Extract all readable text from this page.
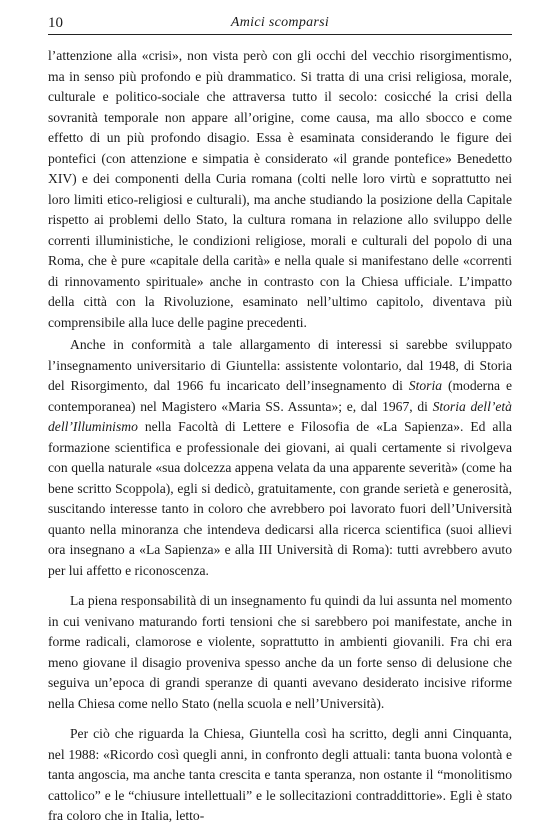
10	Amici scomparsi

l’attenzione alla «crisi», non vista però con gli occhi del vecchio risorgimentismo, ma in senso più profondo e più drammatico. Si tratta di una crisi religiosa, morale, culturale e politico-sociale che attraversa tutto il secolo: cosicché la crisi della sovranità temporale non appare all’origine, come causa, ma allo sbocco e come effetto di un più profondo disagio. Essa è esaminata considerando le figure dei pontefici (con attenzione e simpatia è considerato «il grande pontefice» Benedetto XIV) e dei componenti della Curia romana (colti nelle loro virtù e soprattutto nei loro limiti etico-religiosi e culturali), ma anche studiando la posizione della Capitale rispetto ai problemi dello Stato, la cultura romana in relazione allo sviluppo delle correnti illuministiche, le condizioni religiose, morali e culturali del popolo di una Roma, che è pure «capitale della carità» e nella quale si manifestano delle «correnti di rinnovamento spirituale» anche in contrasto con la Chiesa ufficiale. L’impatto della città con la Rivoluzione, esaminato nell’ultimo capitolo, diventava più comprensibile alla luce delle pagine precedenti.

Anche in conformità a tale allargamento di interessi si sarebbe sviluppato l’insegnamento universitario di Giuntella: assistente volontario, dal 1948, di Storia del Risorgimento, dal 1966 fu incaricato dell’insegnamento di Storia (moderna e contemporanea) nel Magistero «Maria SS. Assunta»; e, dal 1967, di Storia dell’età dell’Illuminismo nella Facoltà di Lettere e Filosofia de «La Sapienza». Ed alla formazione scientifica e professionale dei giovani, ai quali certamente si rivolgeva con quella naturale «sua dolcezza appena velata da una apparente severità» (come ha bene scritto Scoppola), egli si dedicò, gratuitamente, con grande serietà e generosità, suscitando interesse tanto in coloro che avrebbero poi lavorato fuori dell’Università quanto nella minoranza che intendeva dedicarsi alla ricerca scientifica (suoi allievi ora insegnano a «La Sapienza» e alla III Università di Roma): tutti avrebbero avuto per lui affetto e riconoscenza.

La piena responsabilità di un insegnamento fu quindi da lui assunta nel momento in cui venivano maturando forti tensioni che si sarebbero poi manifestate, anche in forme radicali, clamorose e violente, soprattutto in ambienti giovanili. Fra chi era meno giovane il disagio proveniva spesso anche da un forte senso di delusione che seguiva un’epoca di grandi speranze di quanti avevano desiderato incisive riforme nella Chiesa come nello Stato (nella scuola e nell’Università).

Per ciò che riguarda la Chiesa, Giuntella così ha scritto, degli anni Cinquanta, nel 1988: «Ricordo così quegli anni, in confronto degli attuali: tanta buona volontà e tanta angoscia, ma anche tanta crescita e tanta speranza, non ostante il “monolitismo cattolico” e le “chiusure intellettuali” e le sollecitazioni contraddittorie». Egli è stato fra coloro che in Italia, letto-
